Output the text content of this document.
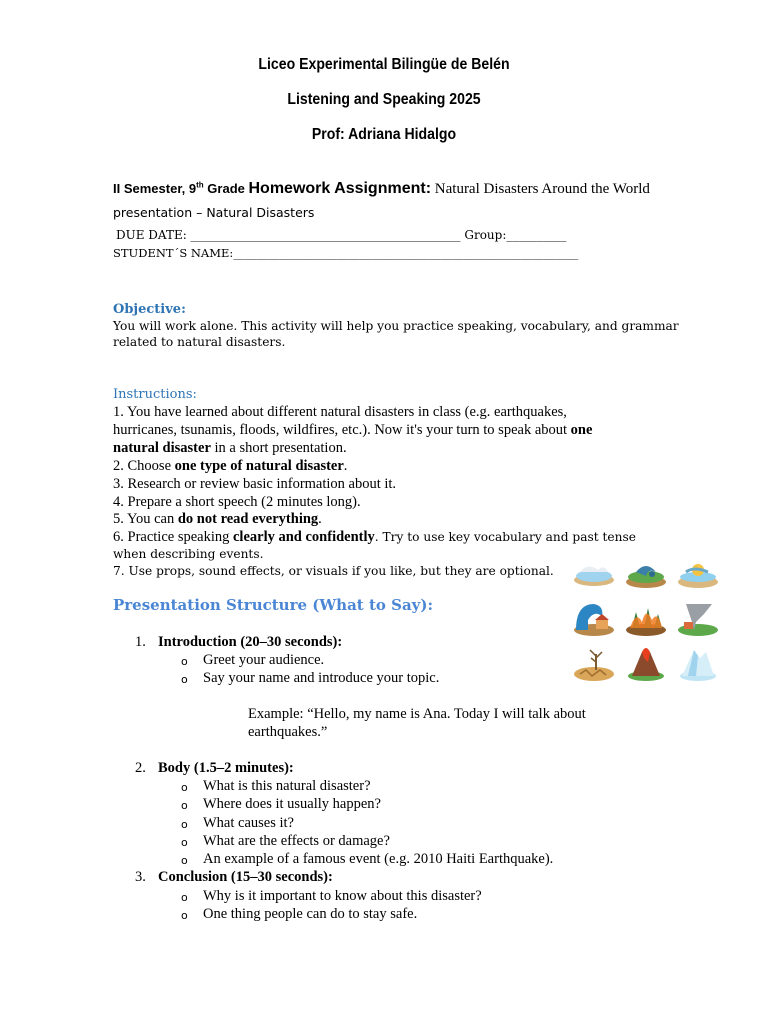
Liceo Experimental Bilingüe de Belén
Listening and Speaking 2025
Prof: Adriana Hidalgo
II Semester, 9th Grade Homework Assignment: Natural Disasters Around the World
presentation – Natural Disasters
DUE DATE: _____________________________________________ Group:__________
STUDENT´S NAME:____________________________________________________________
Objective:
You will work alone. This activity will help you practice speaking, vocabulary, and grammar
related to natural disasters.
Instructions:
1. You have learned about different natural disasters in class (e.g. earthquakes,
hurricanes, tsunamis, floods, wildfires, etc.). Now it's your turn to speak about one
natural disaster in a short presentation.
2. Choose one type of natural disaster.
3. Research or review basic information about it.
4. Prepare a short speech (2 minutes long).
5. You can do not read everything.
6. Practice speaking clearly and confidently. Try to use key vocabulary and past tense
when describing events.
7. Use props, sound effects, or visuals if you like, but they are optional.
Presentation Structure (What to Say):
1. Introduction (20–30 seconds):
o Greet your audience.
o Say your name and introduce your topic.
Example: “Hello, my name is Ana. Today I will talk about
earthquakes.”
2. Body (1.5–2 minutes):
o What is this natural disaster?
o Where does it usually happen?
o What causes it?
o What are the effects or damage?
o An example of a famous event (e.g. 2010 Haiti Earthquake).
3. Conclusion (15–30 seconds):
o Why is it important to know about this disaster?
o One thing people can do to stay safe.
